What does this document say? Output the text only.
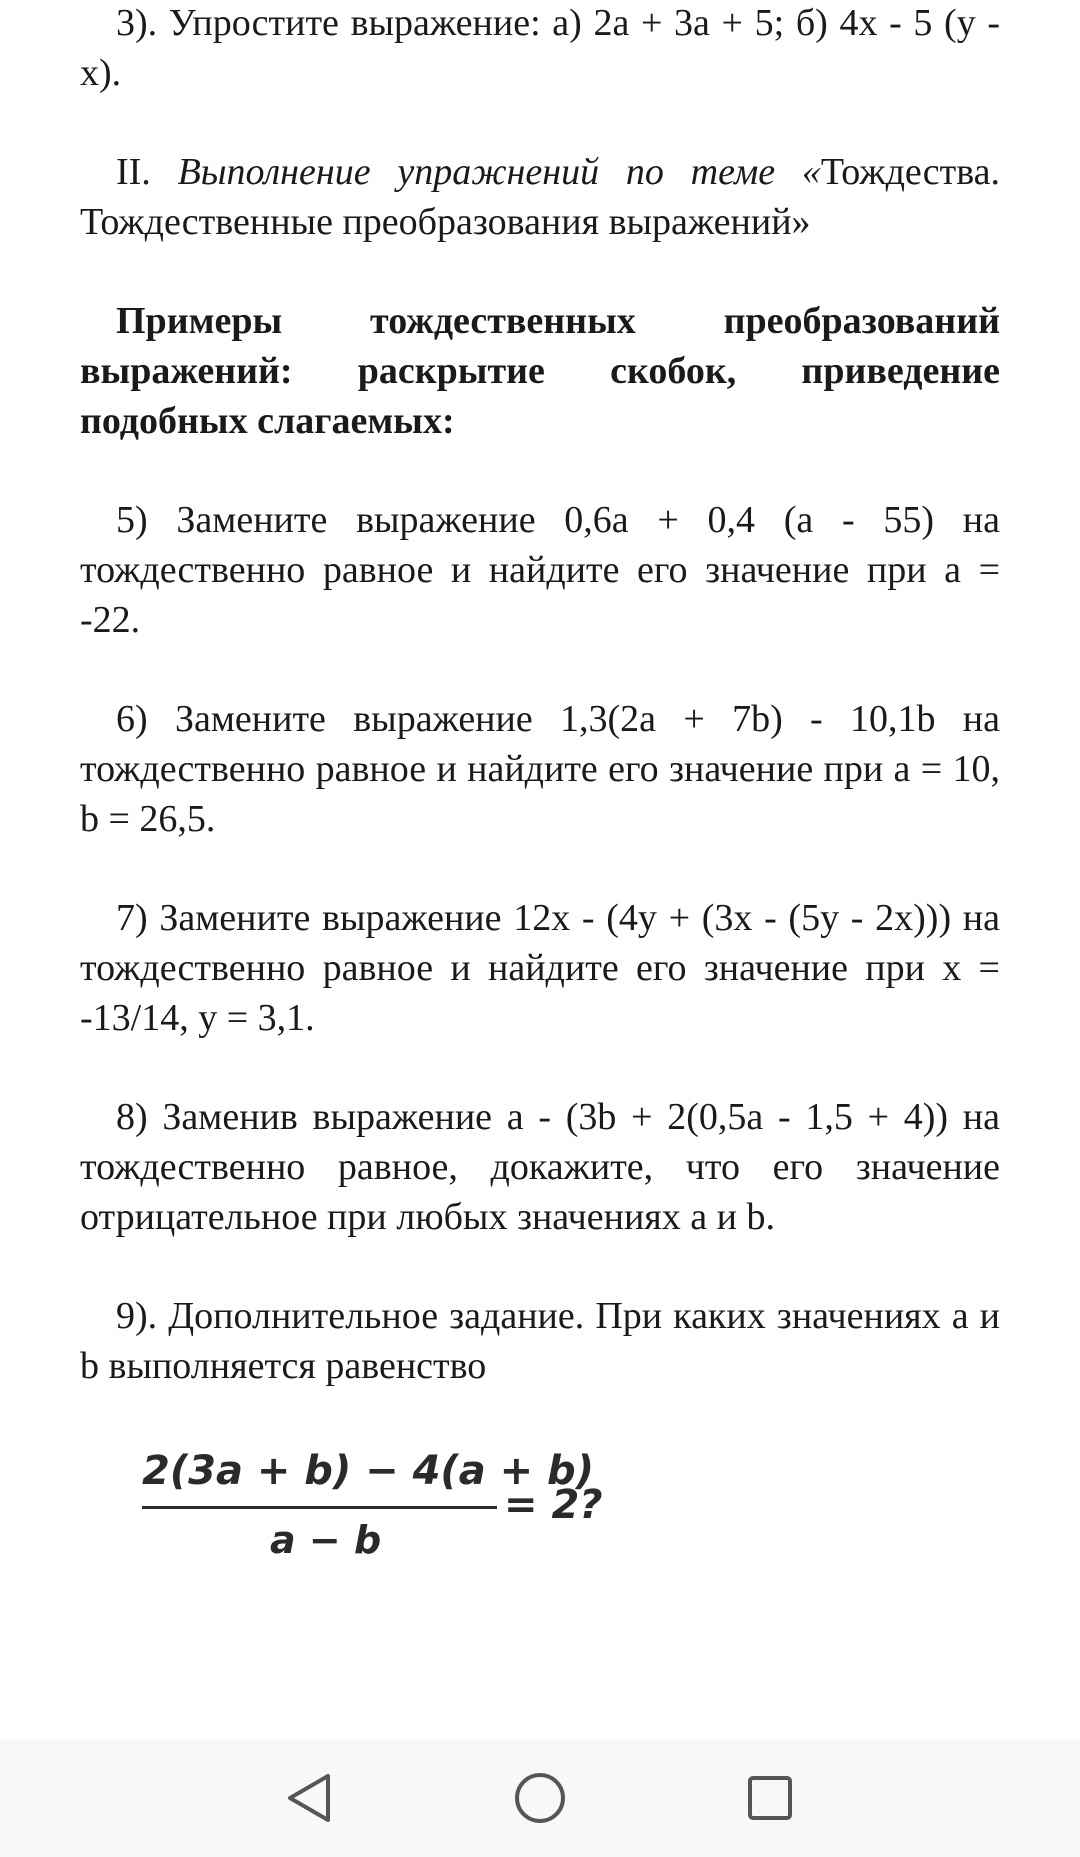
3). Упростите выражение: а) 2а + 3а + 5; б) 4х - 5 (у - х).

II. Выполнение упражнений по теме «Тождества. Тождественные преобразования выражений»

Примеры тождественных преобразований выражений: раскрытие скобок, приведение подобных слагаемых:

5) Замените выражение 0,6а + 0,4 (а - 55) на тождественно равное и найдите его значение при а = -22.

6) Замените выражение 1,3(2а + 7b) - 10,1b на тождественно равное и найдите его значение при а = 10, b = 26,5.

7) Замените выражение 12х - (4у + (3х - (5у - 2х))) на тождественно равное и найдите его значение при х = -13/14, у = 3,1.

8) Заменив выражение а - (3b + 2(0,5а - 1,5 + 4)) на тождественно равное, докажите, что его значение отрицательное при любых значениях а и b.

9). Дополнительное задание. При каких значениях а и b выполняется равенство

2(3a + b) − 4(a + b)
a − b
= 2?
